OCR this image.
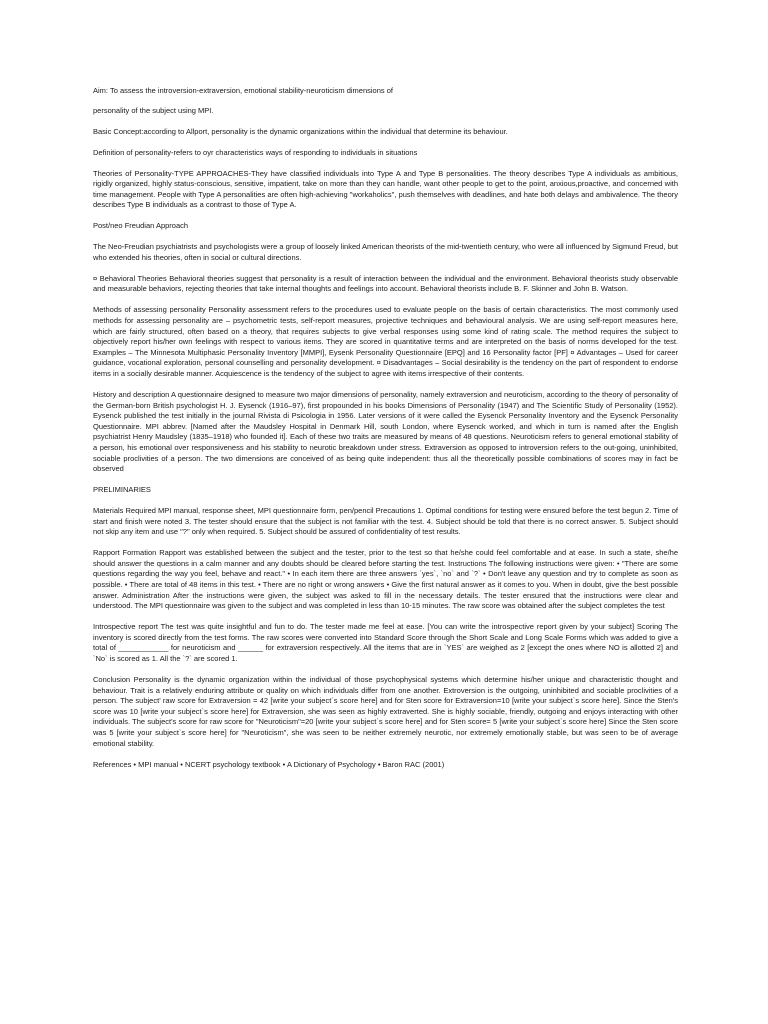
Aim: To assess the introversion-extraversion, emotional stability-neuroticism dimensions of

personality of the subject using MPI.

Basic Concept:according to Allport, personality is the dynamic organizations within the individual that determine its behaviour.

Definition of personality-refers to oyr characteristics ways of responding to individuals in situations

Theories of Personality-TYPE APPROACHES-They have classified individuals into Type A and Type B personalities. The theory describes Type A individuals as ambitious, rigidly organized, highly status-conscious, sensitive, impatient, take on more than they can handle, want other people to get to the point, anxious,proactive, and concerned with time management. People with Type A personalities are often high-achieving "workaholics", push themselves with deadlines, and hate both delays and ambivalence. The theory describes Type B individuals as a contrast to those of Type A.

Post/neo Freudian Approach

The Neo-Freudian psychiatrists and psychologists were a group of loosely linked American theorists of the mid-twentieth century, who were all influenced by Sigmund Freud, but who extended his theories, often in social or cultural directions.

¤ Behavioral Theories Behavioral theories suggest that personality is a result of interaction between the individual and the environment. Behavioral theorists study observable and measurable behaviors, rejecting theories that take internal thoughts and feelings into account. Behavioral theorists include B. F. Skinner and John B. Watson.

Methods of assessing personality Personality assessment refers to the procedures used to evaluate people on the basis of certain characteristics. The most commonly used methods for assessing personality are – psychometric tests, self-report measures, projective techniques and behavioural analysis. We are using self-report measures here, which are fairly structured, often based on a theory, that requires subjects to give verbal responses using some kind of rating scale. The method requires the subject to objectively report his/her own feelings with respect to various items. They are scored in quantitative terms and are interpreted on the basis of norms developed for the test. Examples – The Minnesota Multiphasic Personality Inventory [MMPI], Eysenk Personality Questionnaire [EPQ] and 16 Personality factor [PF] ¤ Advantages – Used for career guidance, vocational exploration, personal counselling and personality development. ¤ Disadvantages – Social desirability is the tendency on the part of respondent to endorse items in a socially desirable manner. Acquiescence is the tendency of the subject to agree with items irrespective of their contents.

History and description A questionnaire designed to measure two major dimensions of personality, namely extraversion and neuroticism, according to the theory of personality of the German-born British psychologist H. J. Eysenck (1916–97), first propounded in his books Dimensions of Personality (1947) and The Scientific Study of Personality (1952). Eysenck published the test initially in the journal Rivista di Psicologia in 1956. Later versions of it were called the Eysenck Personality Inventory and the Eysenck Personality Questionnaire. MPI abbrev. [Named after the Maudsley Hospital in Denmark Hill, south London, where Eysenck worked, and which in turn is named after the English psychiatrist Henry Maudsley (1835–1918) who founded it]. Each of these two traits are measured by means of 48 questions. Neuroticism refers to general emotional stability of a person, his emotional over responsiveness and his stability to neurotic breakdown under stress. Extraversion as opposed to introversion refers to the out-going, uninhibited, sociable proclivities of a person. The two dimensions are conceived of as being quite independent: thus all the theoretically possible combinations of scores may in fact be observed

PRELIMINARIES

Materials Required MPI manual, response sheet, MPI questionnaire form, pen/pencil Precautions 1. Optimal conditions for testing were ensured before the test begun 2. Time of start and finish were noted 3. The tester should ensure that the subject is not familiar with the test. 4. Subject should be told that there is no correct answer. 5. Subject should not skip any item and use "?" only when required. 5. Subject should be assured of confidentiality of test results.

Rapport Formation Rapport was established between the subject and the tester, prior to the test so that he/she could feel comfortable and at ease. In such a state, she/he should answer the questions in a calm manner and any doubts should be cleared before starting the test. Instructions The following instructions were given: • "There are some questions regarding the way you feel, behave and react." • In each item there are three answers `yes`, `no` and `?` • Don't leave any question and try to complete as soon as possible. • There are total of 48 items in this test. • There are no right or wrong answers • Give the first natural answer as it comes to you. When in doubt, give the best possible answer. Administration After the instructions were given, the subject was asked to fill in the necessary details. The tester ensured that the instructions were clear and understood. The MPI questionnaire was given to the subject and was completed in less than 10-15 minutes. The raw score was obtained after the subject completes the test

Introspective report The test was quite insightful and fun to do. The tester made me feel at ease. [You can write the introspective report given by your subject] Scoring The inventory is scored directly from the test forms. The raw scores were converted into Standard Score through the Short Scale and Long Scale Forms which was added to give a total of ____________ for neuroticism and ______ for extraversion respectively. All the items that are in `YES` are weighed as 2 [except the ones where NO is allotted 2] and `No` is scored as 1. All the `?` are scored 1.

Conclusion Personality is the dynamic organization within the individual of those psychophysical systems which determine his/her unique and characteristic thought and behaviour. Trait is a relatively enduring attribute or quality on which individuals differ from one another. Extroversion is the outgoing, uninhibited and sociable proclivities of a person. The subject' raw score for Extraversion = 42 [write your subject`s score here] and for Sten score for Extraversion=10 [write your subject`s score here]. Since the Sten's score was 10 [write your subject`s score here] for Extraversion, she was seen as highly extraverted. She is highly sociable, friendly, outgoing and enjoys interacting with other individuals. The subject's score for raw score for "Neuroticism"=20 [write your subject`s score here] and for Sten score= 5 [write your subject`s score here] Since the Sten score was 5 [write your subject`s score here] for "Neuroticism", she was seen to be neither extremely neurotic, nor extremely emotionally stable, but was seen to be of average emotional stability.

References • MPI manual • NCERT psychology textbook • A Dictionary of Psychology • Baron RAC (2001)
